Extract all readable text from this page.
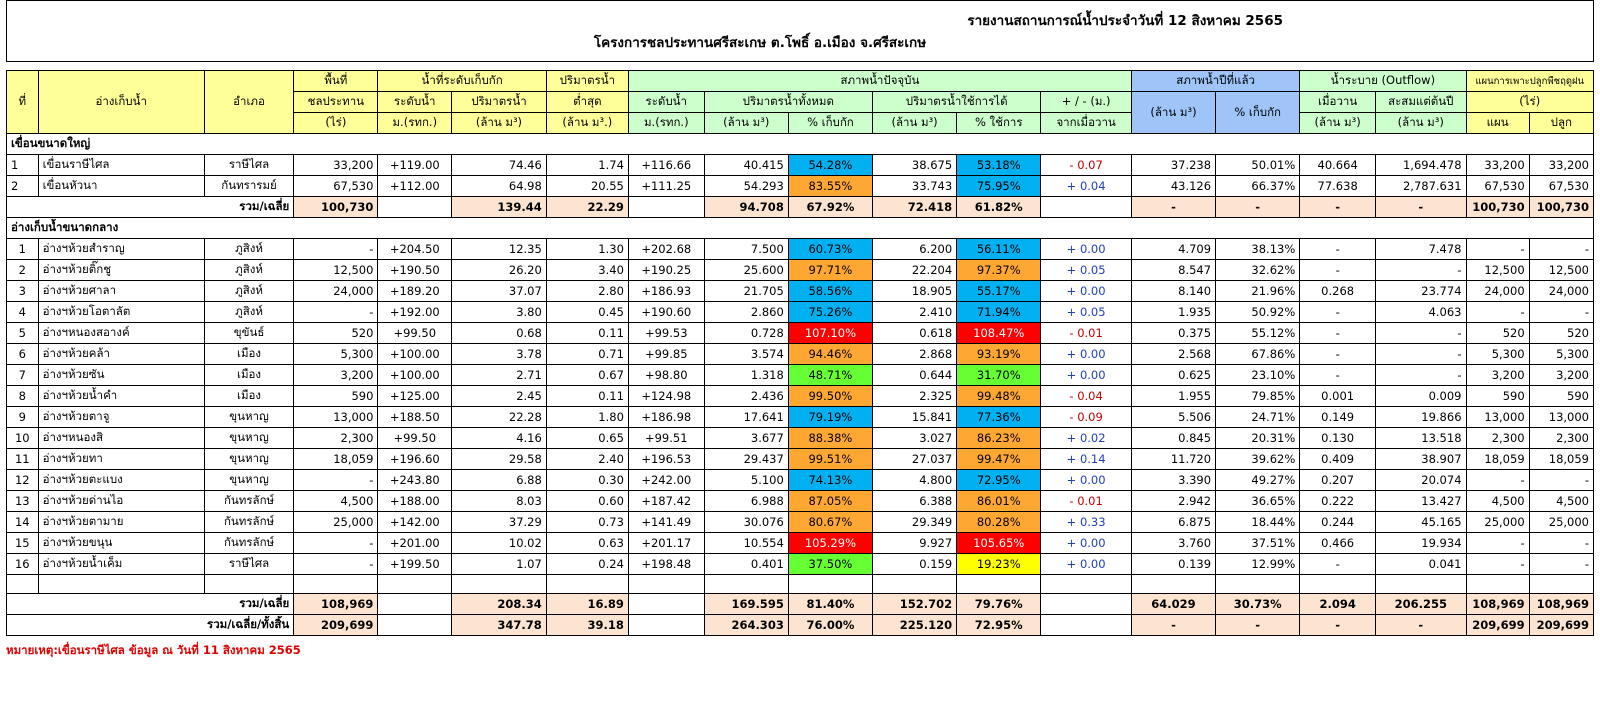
รายงานสถานการณ์น้ำประจำวันที่ 12 สิงหาคม 2565
โครงการชลประทานศรีสะเกษ ต.โพธิ์ อ.เมือง จ.ศรีสะเกษ
ที่	อ่างเก็บน้ำ	อำเภอ	พื้นที่	น้ำที่ระดับเก็บกัก		ปริมาตรน้ำ	สภาพน้ำปัจจุบัน						สภาพน้ำปีที่แล้ว		น้ำระบาย (Outflow)		แผนการเพาะปลูกพืชฤดูฝน	
			ชลประทาน	ระดับน้ำ	ปริมาตรน้ำ	ต่ำสุด	ระดับน้ำ	ปริมาตรน้ำทั้งหมด		ปริมาตรน้ำใช้การได้		+ / - (ม.)	(ล้าน ม³)	% เก็บกัก	เมื่อวาน	สะสมแต่ต้นปี	(ไร่)	
			(ไร่)	ม.(รทก.)	(ล้าน ม³)	(ล้าน ม³.)	ม.(รทก.)	(ล้าน ม³)	% เก็บกัก	(ล้าน ม³)	% ใช้การ	จากเมื่อวาน			(ล้าน ม³)	(ล้าน ม³)	แผน	ปลูก
เขื่อนขนาดใหญ่																		
1	เขื่อนราษีไศล	ราษีไศล	33,200	+119.00	74.46	1.74	+116.66	40.415	54.28%	38.675	53.18%	- 0.07	37.238	50.01%	40.664	1,694.478	33,200	33,200
2	เขื่อนหัวนา	กันทรารมย์	67,530	+112.00	64.98	20.55	+111.25	54.293	83.55%	33.743	75.95%	+ 0.04	43.126	66.37%	77.638	2,787.631	67,530	67,530
รวม/เฉลี่ย			100,730		139.44	22.29		94.708	67.92%	72.418	61.82%		-	-	-	-	100,730	100,730
อ่างเก็บน้ำขนาดกลาง																		
1	อ่างฯห้วยสำราญ	ภูสิงห์	-	+204.50	12.35	1.30	+202.68	7.500	60.73%	6.200	56.11%	+ 0.00	4.709	38.13%	-	7.478	-	-
2	อ่างฯห้วยติ๊กชู	ภูสิงห์	12,500	+190.50	26.20	3.40	+190.25	25.600	97.71%	22.204	97.37%	+ 0.05	8.547	32.62%	-	-	12,500	12,500
3	อ่างฯห้วยศาลา	ภูสิงห์	24,000	+189.20	37.07	2.80	+186.93	21.705	58.56%	18.905	55.17%	+ 0.00	8.140	21.96%	0.268	23.774	24,000	24,000
4	อ่างฯห้วยโอตาลัต	ภูสิงห์	-	+192.00	3.80	0.45	+190.60	2.860	75.26%	2.410	71.94%	+ 0.05	1.935	50.92%	-	4.063	-	-
5	อ่างฯหนองสอางค์	ขุขันธ์	520	+99.50	0.68	0.11	+99.53	0.728	107.10%	0.618	108.47%	- 0.01	0.375	55.12%	-	-	520	520
6	อ่างฯห้วยคล้า	เมือง	5,300	+100.00	3.78	0.71	+99.85	3.574	94.46%	2.868	93.19%	+ 0.00	2.568	67.86%	-	-	5,300	5,300
7	อ่างฯห้วยซัน	เมือง	3,200	+100.00	2.71	0.67	+98.80	1.318	48.71%	0.644	31.70%	+ 0.00	0.625	23.10%	-	-	3,200	3,200
8	อ่างฯห้วยน้ำคำ	เมือง	590	+125.00	2.45	0.11	+124.98	2.436	99.50%	2.325	99.48%	- 0.04	1.955	79.85%	0.001	0.009	590	590
9	อ่างฯห้วยตาจู	ขุนหาญ	13,000	+188.50	22.28	1.80	+186.98	17.641	79.19%	15.841	77.36%	- 0.09	5.506	24.71%	0.149	19.866	13,000	13,000
10	อ่างฯหนองสิ	ขุนหาญ	2,300	+99.50	4.16	0.65	+99.51	3.677	88.38%	3.027	86.23%	+ 0.02	0.845	20.31%	0.130	13.518	2,300	2,300
11	อ่างฯห้วยทา	ขุนหาญ	18,059	+196.60	29.58	2.40	+196.53	29.437	99.51%	27.037	99.47%	+ 0.14	11.720	39.62%	0.409	38.907	18,059	18,059
12	อ่างฯห้วยตะแบง	ขุนหาญ	-	+243.80	6.88	0.30	+242.00	5.100	74.13%	4.800	72.95%	+ 0.00	3.390	49.27%	0.207	20.074	-	-
13	อ่างฯห้วยด่านไอ	กันทรลักษ์	4,500	+188.00	8.03	0.60	+187.42	6.988	87.05%	6.388	86.01%	- 0.01	2.942	36.65%	0.222	13.427	4,500	4,500
14	อ่างฯห้วยตามาย	กันทรลักษ์	25,000	+142.00	37.29	0.73	+141.49	30.076	80.67%	29.349	80.28%	+ 0.33	6.875	18.44%	0.244	45.165	25,000	25,000
15	อ่างฯห้วยขนุน	กันทรลักษ์	-	+201.00	10.02	0.63	+201.17	10.554	105.29%	9.927	105.65%	+ 0.00	3.760	37.51%	0.466	19.934	-	-
16	อ่างฯห้วยน้ำเค็ม	ราษีไศล	-	+199.50	1.07	0.24	+198.48	0.401	37.50%	0.159	19.23%	+ 0.00	0.139	12.99%	-	0.041	-	-

รวม/เฉลี่ย			108,969		208.34	16.89		169.595	81.40%	152.702	79.76%		64.029	30.73%	2.094	206.255	108,969	108,969
รวม/เฉลี่ย/ทั้งสิ้น			209,699		347.78	39.18		264.303	76.00%	225.120	72.95%		-	-	-	-	209,699	209,699
หมายเหตุ:เขื่อนราษีไศล ข้อมูล ณ วันที่ 11 สิงหาคม 2565
